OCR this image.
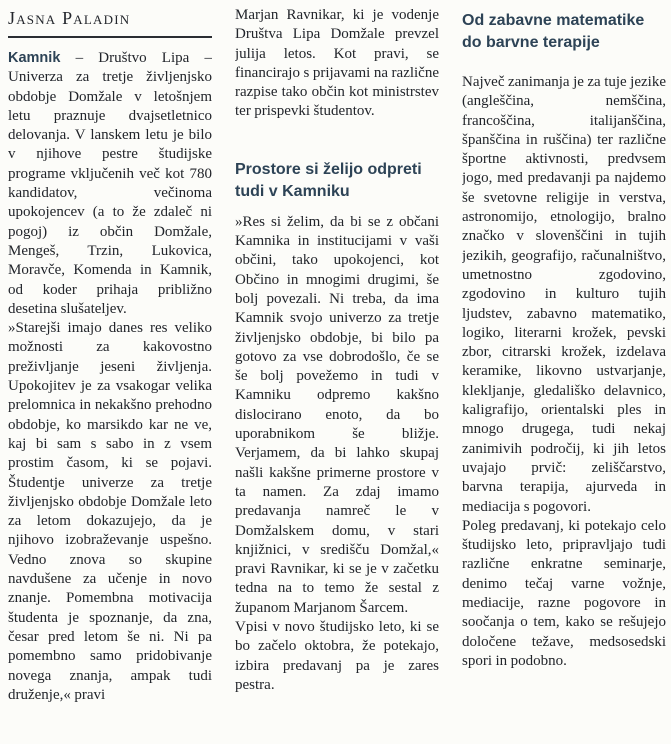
Jasna Paladin

Kamnik – Društvo Lipa – Univerza za tretje življenjsko obdobje Domžale v letošnjem letu praznuje dvajsetletnico delovanja. V lanskem letu je bilo v njihove pestre študijske programe vključenih več kot 780 kandidatov, večinoma upokojencev (a to že zdaleč ni pogoj) iz občin Domžale, Mengeš, Trzin, Lukovica, Moravče, Komenda in Kamnik, od koder prihaja približno desetina slušateljev.

»Starejši imajo danes res veliko možnosti za kakovostno preživljanje jeseni življenja. Upokojitev je za vsakogar velika prelomnica in nekakšno prehodno obdobje, ko marsikdo kar ne ve, kaj bi sam s sabo in z vsem prostim časom, ki se pojavi. Študentje univerze za tretje življenjsko obdobje Domžale leto za letom dokazujejo, da je njihovo izobraževanje uspešno. Vedno znova so skupine navdušene za učenje in novo znanje. Pomembna motivacija študenta je spoznanje, da zna, česar pred letom še ni. Ni pa pomembno samo pridobivanje novega znanja, ampak tudi druženje,« pravi

Marjan Ravnikar, ki je vodenje Društva Lipa Domžale prevzel julija letos. Kot pravi, se financirajo s prijavami na različne razpise tako občin kot ministrstev ter prispevki študentov.

Prostore si želijo odpreti
tudi v Kamniku

»Res si želim, da bi se z občani Kamnika in institucijami v vaši občini, tako upokojenci, kot Občino in mnogimi drugimi, še bolj povezali. Ni treba, da ima Kamnik svojo univerzo za tretje življenjsko obdobje, bi bilo pa gotovo za vse dobrodošlo, če se še bolj povežemo in tudi v Kamniku odpremo kakšno dislocirano enoto, da bo uporabnikom še bližje. Verjamem, da bi lahko skupaj našli kakšne primerne prostore v ta namen. Za zdaj imamo predavanja namreč le v Domžalskem domu, v stari knjižnici, v središču Domžal,« pravi Ravnikar, ki se je v začetku tedna na to temo že sestal z županom Marjanom Šarcem.

Vpisi v novo študijsko leto, ki se bo začelo oktobra, že potekajo, izbira predavanj pa je zares pestra.

Od zabavne matematike
do barvne terapije

Največ zanimanja je za tuje jezike (angleščina, nemščina, francoščina, italijanščina, španščina in ruščina) ter različne športne aktivnosti, predvsem jogo, med predavanji pa najdemo še svetovne religije in verstva, astronomijo, etnologijo, bralno značko v slovenščini in tujih jezikih, geografijo, računalništvo, umetnostno zgodovino, zgodovino in kulturo tujih ljudstev, zabavno matematiko, logiko, literarni krožek, pevski zbor, citrarski krožek, izdelava keramike, likovno ustvarjanje, klekljanje, gledališko delavnico, kaligrafijo, orientalski ples in mnogo drugega, tudi nekaj zanimivih področij, ki jih letos uvajajo prvič: zeliščarstvo, barvna terapija, ajurveda in mediacija s pogovori.

Poleg predavanj, ki potekajo celo študijsko leto, pripravljajo tudi različne enkratne seminarje, denimo tečaj varne vožnje, mediacije, razne pogovore in soočanja o tem, kako se rešujejo določene težave, medsosedski spori in podobno.
